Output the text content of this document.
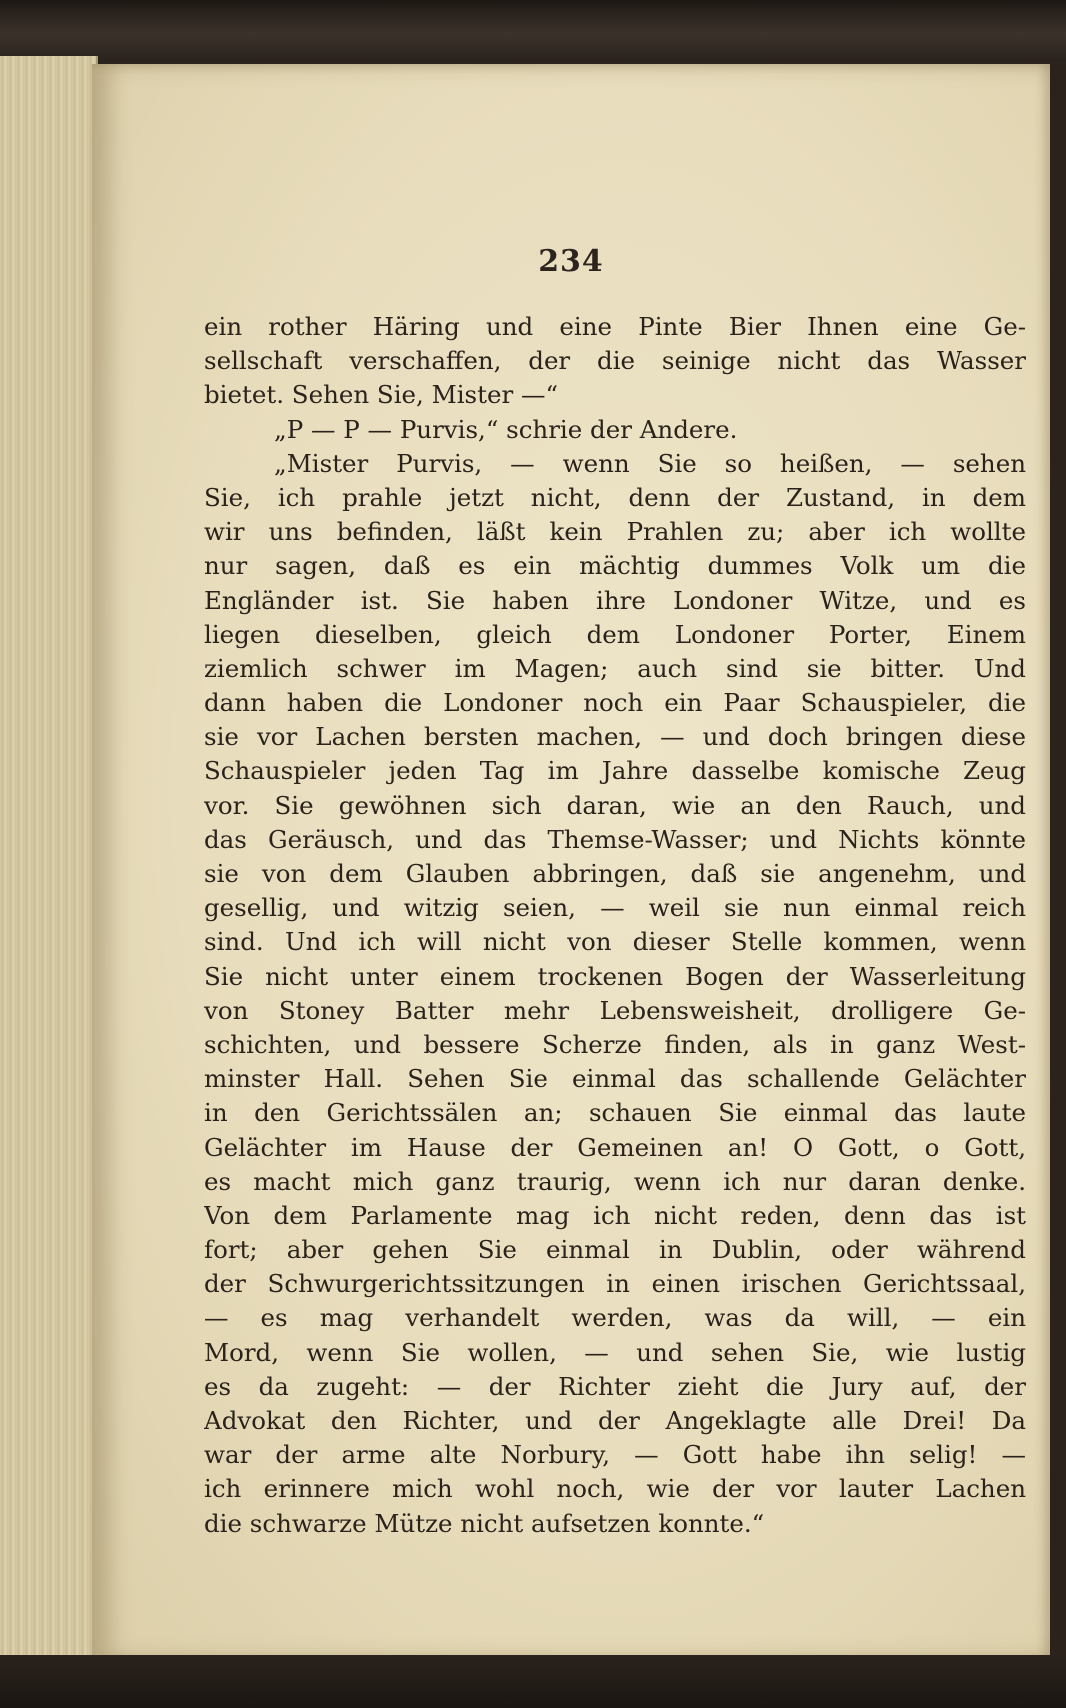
234
ein rother Häring und eine Pinte Bier Ihnen eine Ge-
sellschaft verschaffen, der die seinige nicht das Wasser
bietet. Sehen Sie, Mister —“
„P — P — Purvis,“ schrie der Andere.
„Mister Purvis, — wenn Sie so heißen, — sehen
Sie, ich prahle jetzt nicht, denn der Zustand, in dem
wir uns befinden, läßt kein Prahlen zu; aber ich wollte
nur sagen, daß es ein mächtig dummes Volk um die
Engländer ist. Sie haben ihre Londoner Witze, und es
liegen dieselben, gleich dem Londoner Porter, Einem
ziemlich schwer im Magen; auch sind sie bitter. Und
dann haben die Londoner noch ein Paar Schauspieler, die
sie vor Lachen bersten machen, — und doch bringen diese
Schauspieler jeden Tag im Jahre dasselbe komische Zeug
vor. Sie gewöhnen sich daran, wie an den Rauch, und
das Geräusch, und das Themse-Wasser; und Nichts könnte
sie von dem Glauben abbringen, daß sie angenehm, und
gesellig, und witzig seien, — weil sie nun einmal reich
sind. Und ich will nicht von dieser Stelle kommen, wenn
Sie nicht unter einem trockenen Bogen der Wasserleitung
von Stoney Batter mehr Lebensweisheit, drolligere Ge-
schichten, und bessere Scherze finden, als in ganz West-
minster Hall. Sehen Sie einmal das schallende Gelächter
in den Gerichtssälen an; schauen Sie einmal das laute
Gelächter im Hause der Gemeinen an! O Gott, o Gott,
es macht mich ganz traurig, wenn ich nur daran denke.
Von dem Parlamente mag ich nicht reden, denn das ist
fort; aber gehen Sie einmal in Dublin, oder während
der Schwurgerichtssitzungen in einen irischen Gerichtssaal,
— es mag verhandelt werden, was da will, — ein
Mord, wenn Sie wollen, — und sehen Sie, wie lustig
es da zugeht: — der Richter zieht die Jury auf, der
Advokat den Richter, und der Angeklagte alle Drei! Da
war der arme alte Norbury, — Gott habe ihn selig! —
ich erinnere mich wohl noch, wie der vor lauter Lachen
die schwarze Mütze nicht aufsetzen konnte.“
